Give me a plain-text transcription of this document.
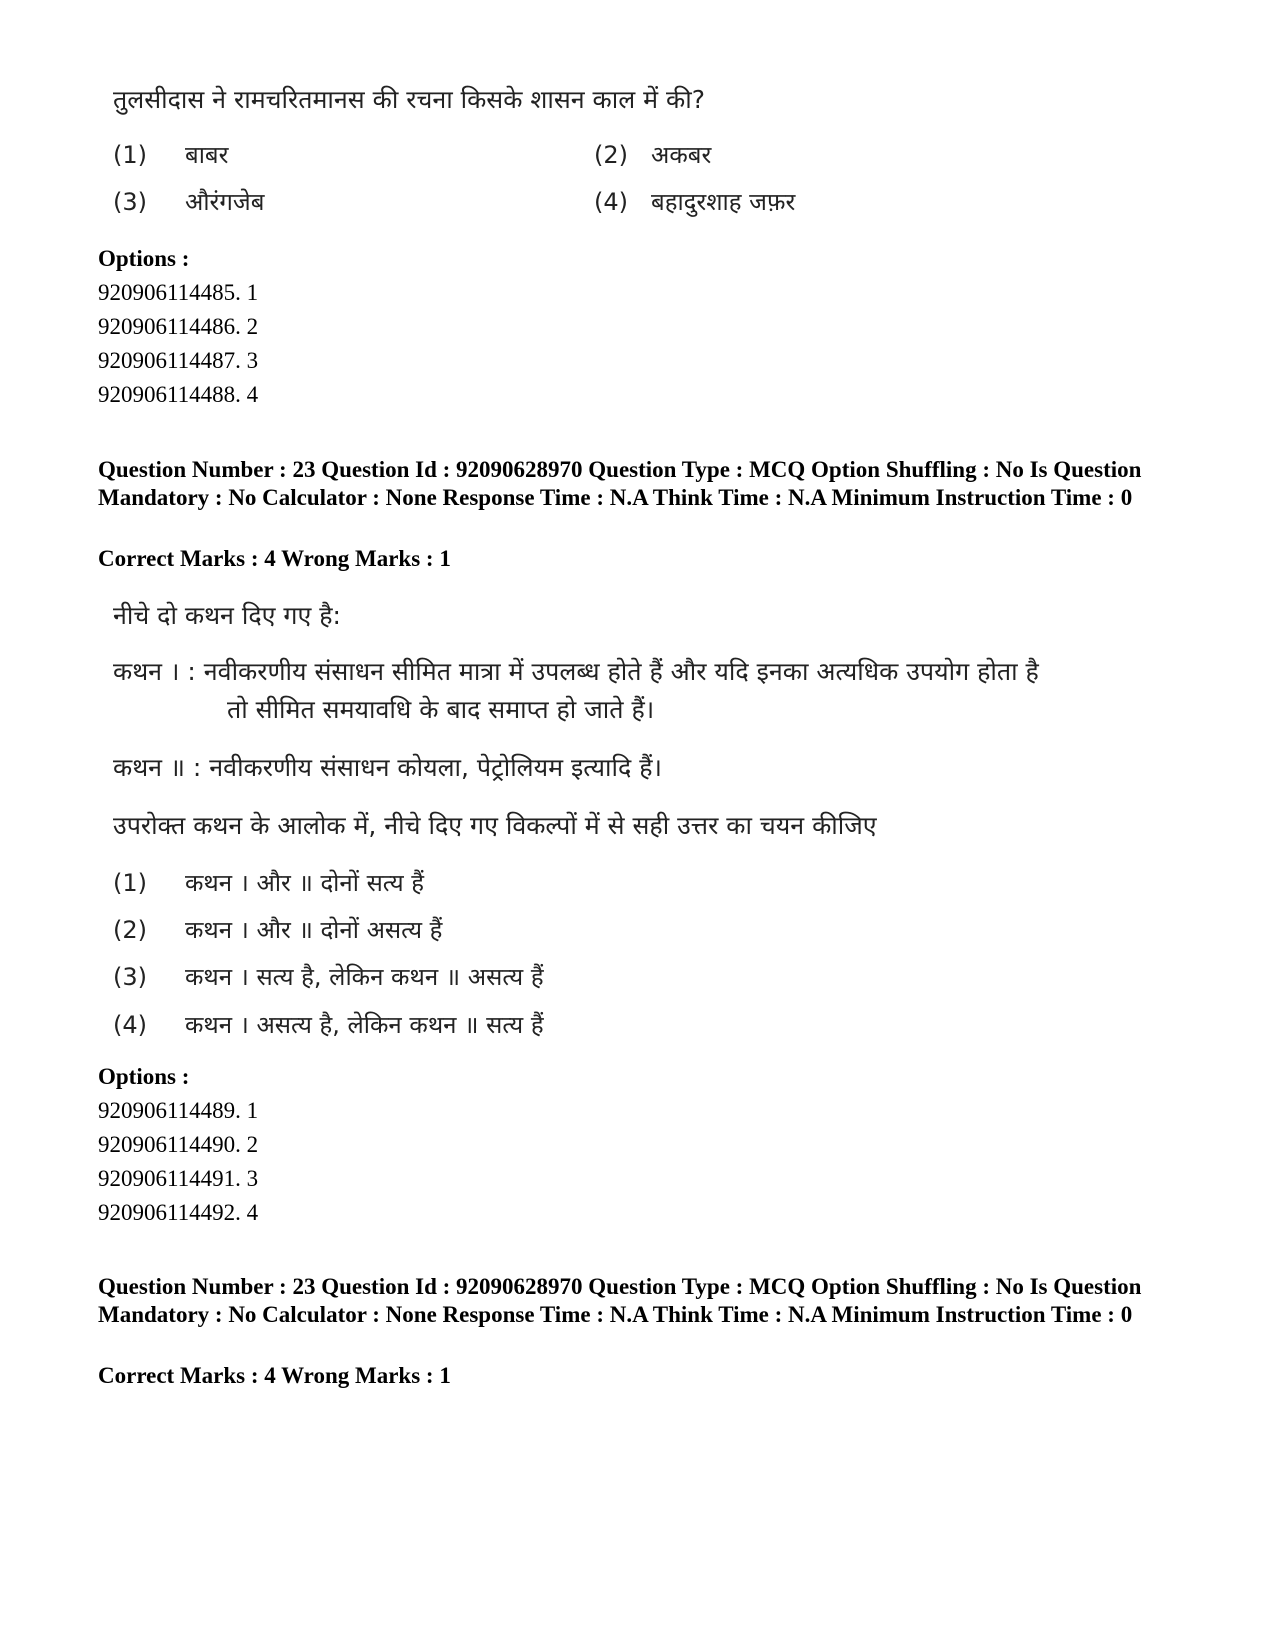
तुलसीदास ने रामचरितमानस की रचना किसके शासन काल में की?
(1) बाबर	(2) अकबर
(3) औरंगजेब	(4) बहादुरशाह जफ़र
Options :
920906114485. 1
920906114486. 2
920906114487. 3
920906114488. 4
Question Number : 23 Question Id : 92090628970 Question Type : MCQ Option Shuffling : No Is Question Mandatory : No Calculator : None Response Time : N.A Think Time : N.A Minimum Instruction Time : 0
Correct Marks : 4 Wrong Marks : 1
नीचे दो कथन दिए गए है:
कथन । : नवीकरणीय संसाधन सीमित मात्रा में उपलब्ध होते हैं और यदि इनका अत्यधिक उपयोग होता है
तो सीमित समयावधि के बाद समाप्त हो जाते हैं।
कथन ॥ : नवीकरणीय संसाधन कोयला, पेट्रोलियम इत्यादि हैं।
उपरोक्त कथन के आलोक में, नीचे दिए गए विकल्पों में से सही उत्तर का चयन कीजिए
(1) कथन । और ॥ दोनों सत्य हैं
(2) कथन । और ॥ दोनों असत्य हैं
(3) कथन । सत्य है, लेकिन कथन ॥ असत्य हैं
(4) कथन । असत्य है, लेकिन कथन ॥ सत्य हैं
Options :
920906114489. 1
920906114490. 2
920906114491. 3
920906114492. 4
Question Number : 23 Question Id : 92090628970 Question Type : MCQ Option Shuffling : No Is Question Mandatory : No Calculator : None Response Time : N.A Think Time : N.A Minimum Instruction Time : 0
Correct Marks : 4 Wrong Marks : 1
